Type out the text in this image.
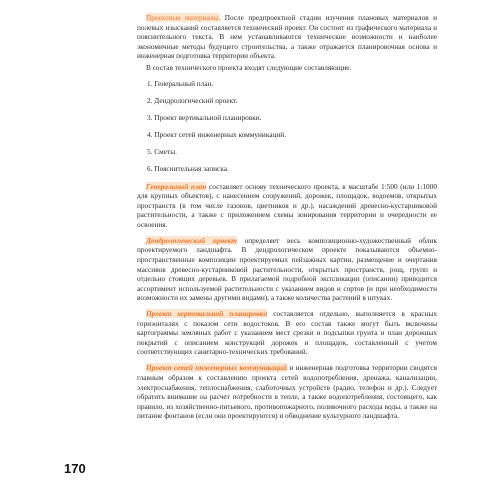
Проектные материалы. После предпроектной стадии изучения плановых материалов и полевых изысканий составляется технический проект. Он состоит из графического материала и пояснительного текста. В нем устанавливаются технические возможности и наиболее экономичные методы будущего строительства, а также отражается планировочная основа и инженерная подготовка территории объекта.

В состав технического проекта входят следующие составляющие.

1. Генеральный план.
2. Дендрологический проект.
3. Проект вертикальной планировки.
4. Проект сетей инженерных коммуникаций.
5. Сметы.
6. Пояснительная записка.

Генеральный план составляет основу технического проекта, в масштабе 1:500 (или 1:1000 для крупных объектов), с нанесением сооружений, дорожек, площадок, водоемов, открытых пространств (в том числе газонов, цветников и др.), насаждений древесно-кустарниковой растительности, а также с приложением схемы зонирования территории и очередности ее освоения.

Дендрологический проект определяет весь композиционно-художественный облик проектируемого ландшафта. В дендрологическом проекте показываются объемно-пространственные композиции проектируемых пейзажных картин, размещение и очертания массивов древесно-кустарниковой растительности, открытых пространств, рощ, групп и отдельно стоящих деревьев. В прилагаемой подробной экспликации (описании) приводится ассортимент используемой растительности с указанием видов и сортов (и при необходимости возможности их замены другими видами), а также количества растений в штуках.

Проект вертикальной планировки составляется отдельно, выполняется в красных горизонталях с показом сети водостоков. В его состав также могут быть включены картограммы земляных работ с указанием мест срезки и подсыпки грунта и план дорожных покрытий с описанием конструкций дорожек и площадок, составленный с учетом соответствующих санитарно-технических требований.

Проект сетей инженерных коммуникаций и инженерная подготовка территории сводятся главным образом к составлению проекта сетей водопотребления, дренажа, канализации, электроснабжения, теплоснабжения, слаботочных устройств (радио, телефон и др.). Следует обратить внимание на расчет потребности в тепле, а также водопотребления, состоящего, как правило, из хозяйственно-питьевого, противопожарного, поливочного расхода воды, а также на питание фонтанов (если они проектируются) и обводнение культурного ландшафта.

170
